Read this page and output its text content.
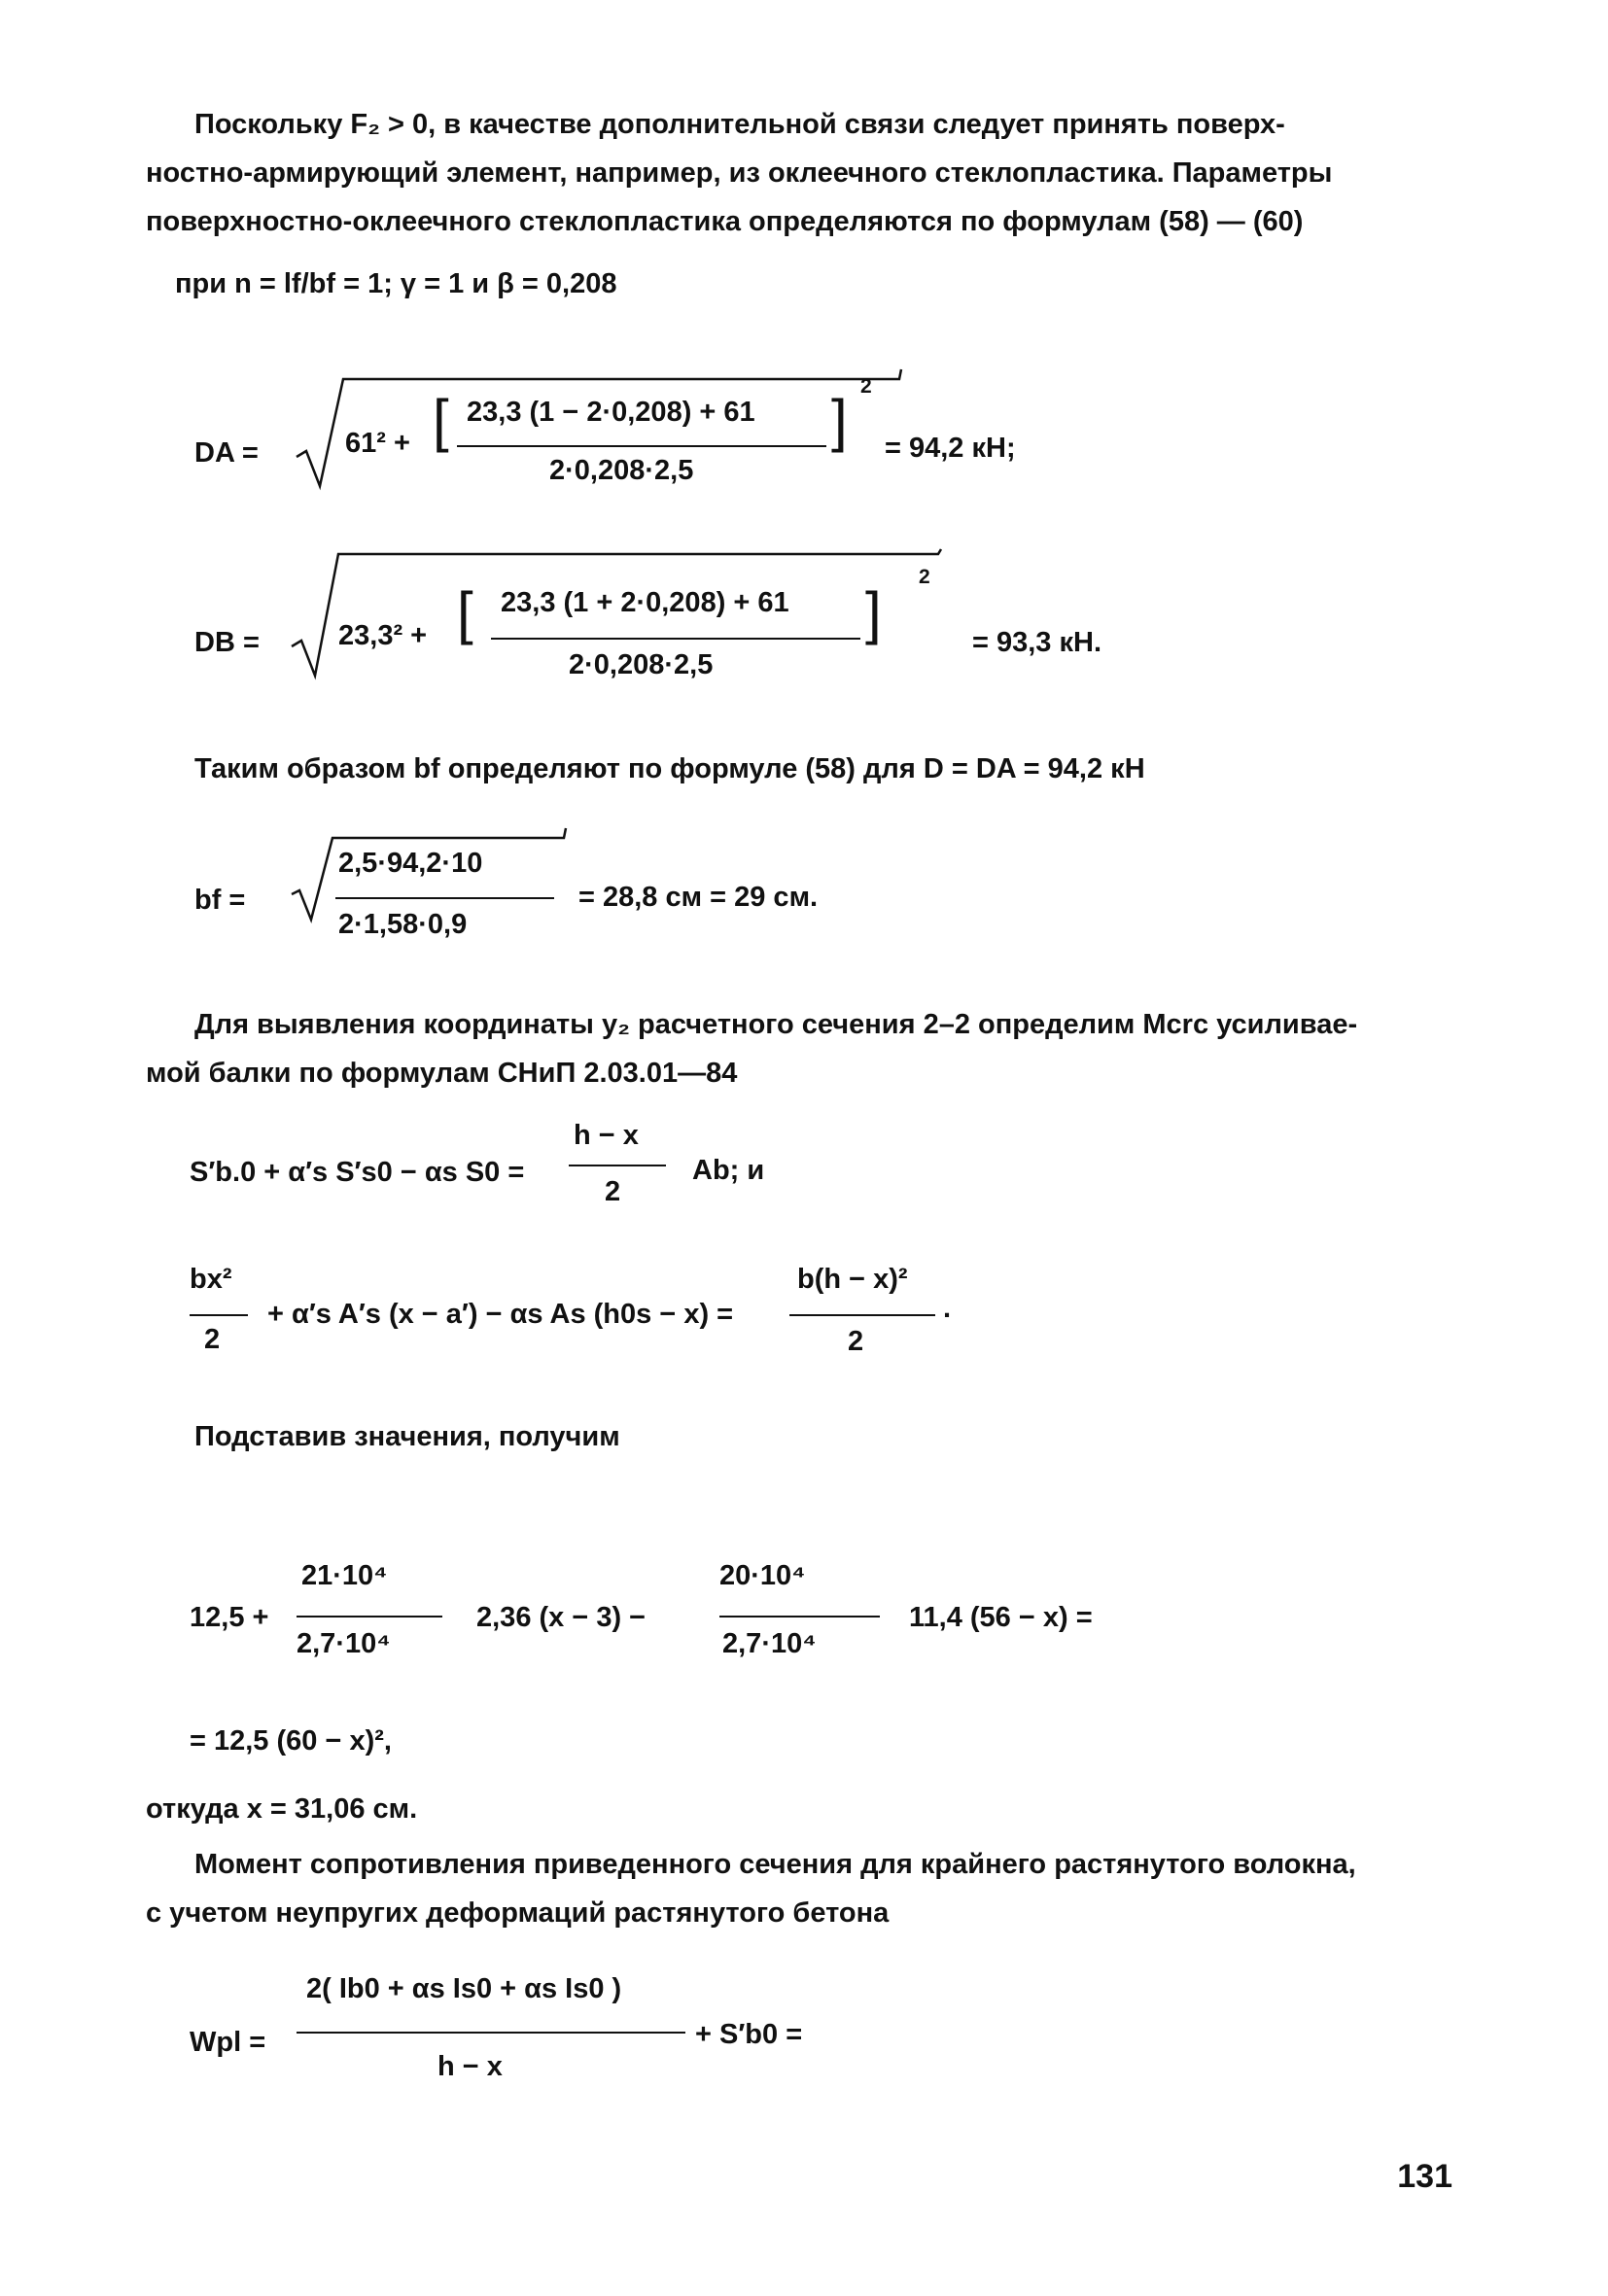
Поскольку F₂ > 0, в качестве дополнительной связи следует принять поверх-
ностно-армирующий элемент, например, из оклеечного стеклопластика. Параметры
поверхностно-оклеечного стеклопластика определяются по формулам (58) — (60)
при n = lf/bf = 1; γ = 1 и β = 0,208
DA =	61² + [ 23,3 (1 − 2·0,208) + 61
2·0,208·2,5
]
2
= 94,2 кН;
DB =	23,3² + [ 23,3 (1 + 2·0,208) + 61
2·0,208·2,5
]
2
= 93,3 кН.
Таким образом bf определяют по формуле (58) для D = DA = 94,2 кН
bf =
2,5·94,2·10
2·1,58·0,9
= 28,8 см = 29 см.
Для выявления координаты y₂ расчетного сечения 2–2 определим Mcrc усиливае-
мой балки по формулам СНиП 2.03.01—84
S′b.0 + α′s S′s0 − αs S0 =
h − x
2
Ab; и
bx²
2
+ α′s A′s (x − a′) − αs As (h0s − x) =
b(h − x)²
2
.
Подставив значения, получим
12,5 +
21·10⁴
2,7·10⁴
2,36 (x − 3) −
20·10⁴
2,7·10⁴
11,4 (56 − x) =
= 12,5 (60 − x)²,
откуда x = 31,06 см.
Момент сопротивления приведенного сечения для крайнего растянутого волокна,
с учетом неупругих деформаций растянутого бетона
Wpl =
2( Ib0 + αs Is0 + αs Is0 )
h − x
+ S′b0 =
131
